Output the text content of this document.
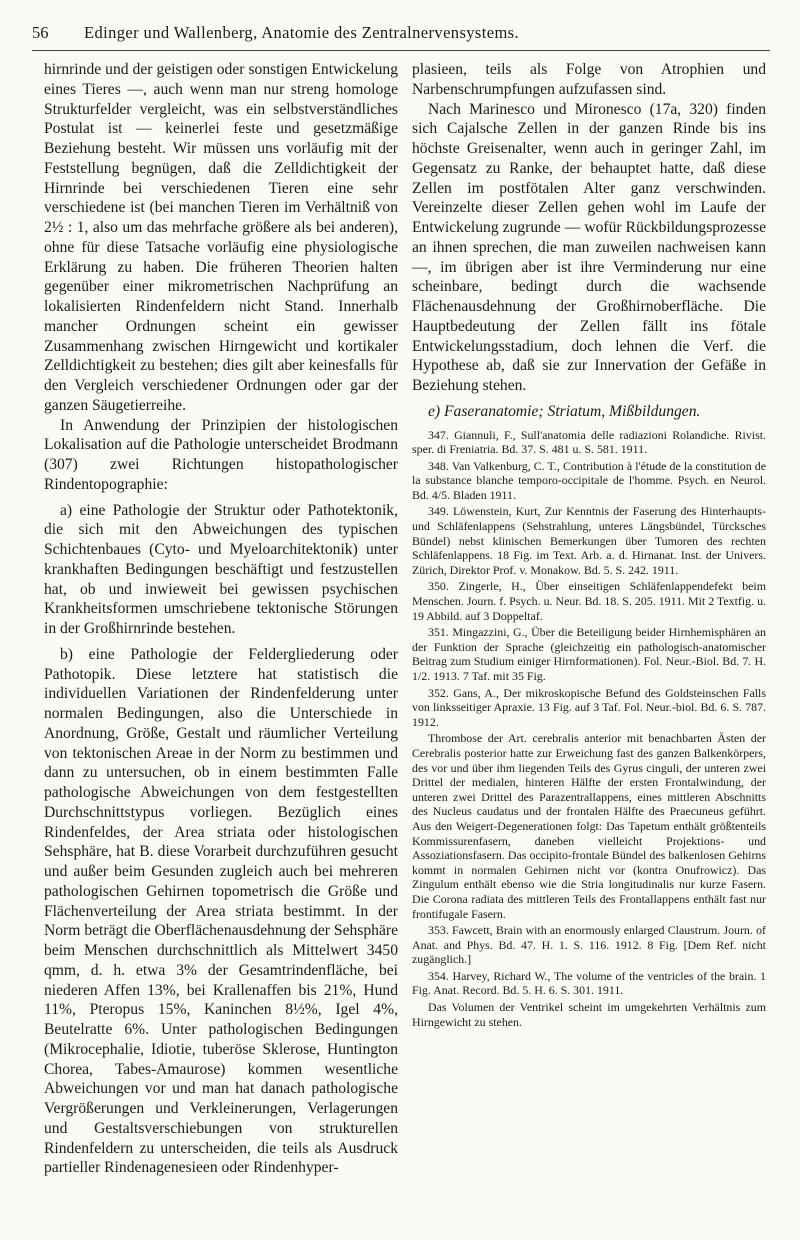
56 Edinger und Wallenberg, Anatomie des Zentralnervensystems.

hirnrinde und der geistigen oder sonstigen Entwickelung eines Tieres —, auch wenn man nur streng homologe Strukturfelder vergleicht, was ein selbstverständliches Postulat ist — keinerlei feste und gesetzmäßige Beziehung besteht. Wir müssen uns vorläufig mit der Feststellung begnügen, daß die Zelldichtigkeit der Hirnrinde bei verschiedenen Tieren eine sehr verschiedene ist (bei manchen Tieren im Verhältniß von 2½ : 1, also um das mehrfache größere als bei anderen), ohne für diese Tatsache vorläufig eine physiologische Erklärung zu haben. Die früheren Theorien halten gegenüber einer mikrometrischen Nachprüfung an lokalisierten Rindenfeldern nicht Stand. Innerhalb mancher Ordnungen scheint ein gewisser Zusammenhang zwischen Hirngewicht und kortikaler Zelldichtigkeit zu bestehen; dies gilt aber keinesfalls für den Vergleich verschiedener Ordnungen oder gar der ganzen Säugetierreihe.

In Anwendung der Prinzipien der histologischen Lokalisation auf die Pathologie unterscheidet Brodmann (307) zwei Richtungen histopathologischer Rindentopographie:

a) eine Pathologie der Struktur oder Pathotektonik, die sich mit den Abweichungen des typischen Schichtenbaues (Cyto- und Myeloarchitektonik) unter krankhaften Bedingungen beschäftigt und festzustellen hat, ob und inwieweit bei gewissen psychischen Krankheitsformen umschriebene tektonische Störungen in der Großhirnrinde bestehen.

b) eine Pathologie der Feldergliederung oder Pathotopik. Diese letztere hat statistisch die individuellen Variationen der Rindenfelderung unter normalen Bedingungen, also die Unterschiede in Anordnung, Größe, Gestalt und räumlicher Verteilung von tektonischen Areae in der Norm zu bestimmen und dann zu untersuchen, ob in einem bestimmten Falle pathologische Abweichungen von dem festgestellten Durchschnittstypus vorliegen. Bezüglich eines Rindenfeldes, der Area striata oder histologischen Sehsphäre, hat B. diese Vorarbeit durchzuführen gesucht und außer beim Gesunden zugleich auch bei mehreren pathologischen Gehirnen topometrisch die Größe und Flächenverteilung der Area striata bestimmt. In der Norm beträgt die Oberflächenausdehnung der Sehsphäre beim Menschen durchschnittlich als Mittelwert 3450 qmm, d. h. etwa 3% der Gesamtrindenfläche, bei niederen Affen 13%, bei Krallenaffen bis 21%, Hund 11%, Pteropus 15%, Kaninchen 8½%, Igel 4%, Beutelratte 6%. Unter pathologischen Bedingungen (Mikrocephalie, Idiotie, tuberöse Sklerose, Huntington Chorea, Tabes-Amaurose) kommen wesentliche Abweichungen vor und man hat danach pathologische Vergrößerungen und Verkleinerungen, Verlagerungen und Gestaltsverschiebungen von strukturellen Rindenfeldern zu unterscheiden, die teils als Ausdruck partieller Rindenagenesieen oder Rindenhyper-

plasieen, teils als Folge von Atrophien und Narbenschrumpfungen aufzufassen sind.

Nach Marinesco und Mironesco (17a, 320) finden sich Cajalsche Zellen in der ganzen Rinde bis ins höchste Greisenalter, wenn auch in geringer Zahl, im Gegensatz zu Ranke, der behauptet hatte, daß diese Zellen im postfötalen Alter ganz verschwinden. Vereinzelte dieser Zellen gehen wohl im Laufe der Entwickelung zugrunde — wofür Rückbildungsprozesse an ihnen sprechen, die man zuweilen nachweisen kann —, im übrigen aber ist ihre Verminderung nur eine scheinbare, bedingt durch die wachsende Flächenausdehnung der Großhirnoberfläche. Die Hauptbedeutung der Zellen fällt ins fötale Entwickelungsstadium, doch lehnen die Verf. die Hypothese ab, daß sie zur Innervation der Gefäße in Beziehung stehen.

e) Faseranatomie; Striatum, Mißbildungen.

347. Giannuli, F., Sull'anatomia delle radiazioni Rolandiche. Rivist. sper. di Freniatria. Bd. 37. S. 481 u. S. 581. 1911.

348. Van Valkenburg, C. T., Contribution à l'étude de la constitution de la substance blanche temporo-occipitale de l'homme. Psych. en Neurol. Bd. 4/5. Bladen 1911.

349. Löwenstein, Kurt, Zur Kenntnis der Faserung des Hinterhaupts- und Schläfenlappens (Sehstrahlung, unteres Längsbündel, Türcksches Bündel) nebst klinischen Bemerkungen über Tumoren des rechten Schläfenlappens. 18 Fig. im Text. Arb. a. d. Hirnanat. Inst. der Univers. Zürich, Direktor Prof. v. Monakow. Bd. 5. S. 242. 1911.

350. Zingerle, H., Über einseitigen Schläfenlappendefekt beim Menschen. Journ. f. Psych. u. Neur. Bd. 18. S. 205. 1911. Mit 2 Textfig. u. 19 Abbild. auf 3 Doppeltaf.

351. Mingazzini, G., Über die Beteiligung beider Hirnhemisphären an der Funktion der Sprache (gleichzeitig ein pathologisch-anatomischer Beitrag zum Studium einiger Hirnformationen). Fol. Neur.-Biol. Bd. 7. H. 1/2. 1913. 7 Taf. mit 35 Fig.

352. Gans, A., Der mikroskopische Befund des Goldsteinschen Falls von linksseitiger Apraxie. 13 Fig. auf 3 Taf. Fol. Neur.-biol. Bd. 6. S. 787. 1912.

Thrombose der Art. cerebralis anterior mit benachbarten Ästen der Cerebralis posterior hatte zur Erweichung fast des ganzen Balkenkörpers, des vor und über ihm liegenden Teils des Gyrus cinguli, der unteren zwei Drittel der medialen, hinteren Hälfte der ersten Frontalwindung, der unteren zwei Drittel des Parazentrallappens, eines mittleren Abschnitts des Nucleus caudatus und der frontalen Hälfte des Praecuneus geführt. Aus den Weigert-Degenerationen folgt: Das Tapetum enthält größtenteils Kommissurenfasern, daneben vielleicht Projektions- und Assoziationsfasern. Das occipito-frontale Bündel des balkenlosen Gehirns kommt in normalen Gehirnen nicht vor (kontra Onufrowicz). Das Zingulum enthält ebenso wie die Stria longitudinalis nur kurze Fasern. Die Corona radiata des mittleren Teils des Frontallappens enthält fast nur frontifugale Fasern.

353. Fawcett, Brain with an enormously enlarged Claustrum. Journ. of Anat. and Phys. Bd. 47. H. 1. S. 116. 1912. 8 Fig. [Dem Ref. nicht zugänglich.]

354. Harvey, Richard W., The volume of the ventricles of the brain. 1 Fig. Anat. Record. Bd. 5. H. 6. S. 301. 1911.

Das Volumen der Ventrikel scheint im umgekehrten Verhältnis zum Hirngewicht zu stehen.
